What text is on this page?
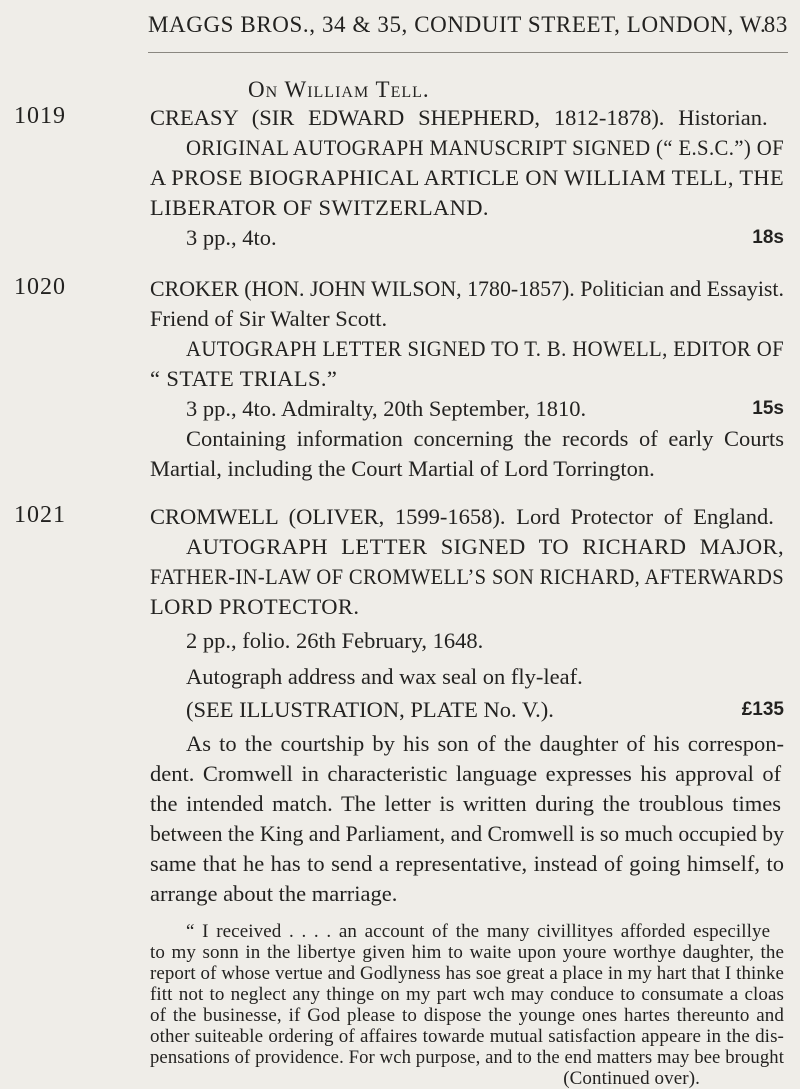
MAGGS BROS., 34 & 35, CONDUIT STREET, LONDON, W.
83
On William Tell.
1019	CREASY (SIR EDWARD SHEPHERD, 1812-1878). Historian.
ORIGINAL AUTOGRAPH MANUSCRIPT SIGNED (“ E.S.C.”) OF
A PROSE BIOGRAPHICAL ARTICLE ON WILLIAM TELL, THE
LIBERATOR OF SWITZERLAND.
3 pp., 4to.	18s
1020	CROKER (HON. JOHN WILSON, 1780-1857). Politician and Essayist.
Friend of Sir Walter Scott.
AUTOGRAPH LETTER SIGNED TO T. B. HOWELL, EDITOR OF
“ STATE TRIALS.”
3 pp., 4to. Admiralty, 20th September, 1810.	15s
Containing information concerning the records of early Courts
Martial, including the Court Martial of Lord Torrington.
1021	CROMWELL (OLIVER, 1599-1658). Lord Protector of England.
AUTOGRAPH LETTER SIGNED TO RICHARD MAJOR,
FATHER-IN-LAW OF CROMWELL’S SON RICHARD, AFTERWARDS
LORD PROTECTOR.
2 pp., folio. 26th February, 1648.
Autograph address and wax seal on fly-leaf.
(SEE ILLUSTRATION, PLATE No. V.).	£135
As to the courtship by his son of the daughter of his correspon-
dent. Cromwell in characteristic language expresses his approval of
the intended match. The letter is written during the troublous times
between the King and Parliament, and Cromwell is so much occupied by
same that he has to send a representative, instead of going himself, to
arrange about the marriage.
“ I received . . . . an account of the many civillityes afforded especillye
to my sonn in the libertye given him to waite upon youre worthye daughter, the
report of whose vertue and Godlyness has soe great a place in my hart that I thinke
fitt not to neglect any thinge on my part wch may conduce to consumate a cloas
of the businesse, if God please to dispose the younge ones hartes thereunto and
other suiteable ordering of affaires towarde mutual satisfaction appeare in the dis-
pensations of providence. For wch purpose, and to the end matters may bee brought
(Continued over).
